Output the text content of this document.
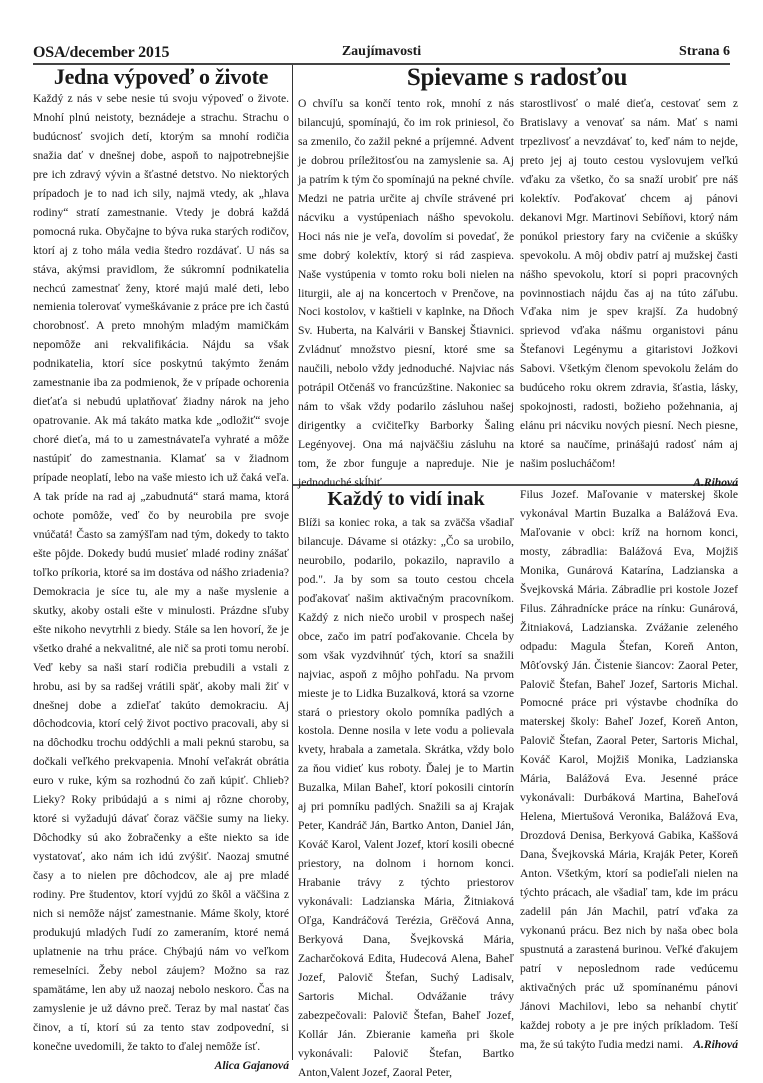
OSA/december 2015	Zaujímavosti	Strana 6
Jedna výpoveď o živote

Každý z nás v sebe nesie tú svoju výpoveď o živote. Mnohí plnú neistoty, beznádeje a strachu. Strachu o budúcnosť svojich detí, ktorým sa mnohí rodičia snažia dať v dnešnej dobe, aspoň to najpotrebnejšie pre ich zdravý vývin a šťastné detstvo. No niektorých prípadoch je to nad ich sily, najmä vtedy, ak „hlava rodiny“ stratí zamestnanie. Vtedy je dobrá každá pomocná ruka. Obyčajne to býva ruka starých rodičov, ktorí aj z toho mála vedia štedro rozdávať. U nás sa stáva, akýmsi pravidlom, že súkromní podnikatelia nechcú zamestnať ženy, ktoré majú malé deti, lebo nemienia tolerovať vymeškávanie z práce pre ich častú chorobnosť. A preto mnohým mladým mamičkám nepomôže ani rekvalifikácia. Nájdu sa však podnikatelia, ktorí síce poskytnú takýmto ženám zamestnanie iba za podmienok, že v prípade ochorenia dieťaťa si nebudú uplatňovať žiadny nárok na jeho opatrovanie. Ak má takáto matka kde „odložiť“ svoje choré dieťa, má to u zamestnávateľa vyhraté a môže nastúpiť do zamestnania. Klamať sa v žiadnom prípade neoplatí, lebo na vaše miesto ich už čaká veľa. A tak príde na rad aj „zabudnutá“ stará mama, ktorá ochote pomôže, veď čo by neurobila pre svoje vnúčatá! Často sa zamýšľam nad tým, dokedy to takto ešte pôjde. Dokedy budú musieť mladé rodiny znášať toľko príkoria, ktoré sa im dostáva od nášho zriadenia? Demokracia je síce tu, ale my a naše myslenie a skutky, akoby ostali ešte v minulosti. Prázdne sľuby ešte nikoho nevytrhli z biedy. Stále sa len hovorí, že je všetko drahé a nekvalitné, ale nič sa proti tomu nerobí. Veď keby sa naši starí rodičia prebudili a vstali z hrobu, asi by sa radšej vrátili späť, akoby mali žiť v dnešnej dobe a zdieľať takúto demokraciu. Aj dôchodcovia, ktorí celý život poctivo pracovali, aby si na dôchodku trochu oddýchli a mali peknú starobu, sa dočkali veľkého prekvapenia. Mnohí veľakrát obrátia euro v ruke, kým sa rozhodnú čo zaň kúpiť. Chlieb? Lieky? Roky pribúdajú a s nimi aj rôzne choroby, ktoré si vyžadujú dávať čoraz väčšie sumy na lieky. Dôchodky sú ako žobračenky a ešte niekto sa ide vystatovať, ako nám ich idú zvýšiť. Naozaj smutné časy a to nielen pre dôchodcov, ale aj pre mladé rodiny. Pre študentov, ktorí vyjdú zo škôl a väčšina z nich si nemôže nájsť zamestnanie. Máme školy, ktoré produkujú mladých ľudí zo zameraním, ktoré nemá uplatnenie na trhu práce. Chýbajú nám vo veľkom remeselníci. Žeby nebol záujem? Možno sa raz spamätáme, len aby už naozaj nebolo neskoro. Čas na zamyslenie je už dávno preč. Teraz by mal nastať čas činov, a tí, ktorí sú za tento stav zodpovední, si konečne uvedomili, že takto to ďalej nemôže ísť.
Alica Gajanová

Spievame s radosťou

O chvíľu sa končí tento rok, mnohí z nás bilancujú, spomínajú, čo im rok priniesol, čo sa zmenilo, čo zažil pekné a príjemné. Advent je dobrou príležitosťou na zamyslenie sa. Aj ja patrím k tým čo spomínajú na pekné chvíle. Medzi ne patria určite aj chvíle strávené pri nácviku a vystúpeniach nášho spevokolu. Hoci nás nie je veľa, dovolím si povedať, že sme dobrý kolektív, ktorý si rád zaspieva. Naše vystúpenia v tomto roku boli nielen na liturgii, ale aj na koncertoch v Prenčove, na Noci kostolov, v kaštieli v kaplnke, na Dňoch Sv. Huberta, na Kalvárii v Banskej Štiavnici. Zvládnuť množstvo piesní, ktoré sme sa naučili, nebolo vždy jednoduché. Najviac nás potrápil Otčenáš vo francúzštine. Nakoniec sa nám to však vždy podarilo zásluhou našej dirigentky a cvičiteľky Barborky Šaling Legényovej. Ona má najväčšiu zásluhu na tom, že zbor funguje a napreduje. Nie je jednoduché skĺbiť

starostlivosť o malé dieťa, cestovať sem z Bratislavy a venovať sa nám. Mať s nami trpezlivosť a nevzdávať to, keď nám to nejde, preto jej aj touto cestou vyslovujem veľkú vďaku za všetko, čo sa snaží urobiť pre náš kolektív. Poďakovať chcem aj pánovi dekanovi Mgr. Martinovi Sebíňovi, ktorý nám ponúkol priestory fary na cvičenie a skúšky spevokolu. A môj obdiv patrí aj mužskej časti nášho spevokolu, ktorí si popri pracovných povinnostiach nájdu čas aj na túto záľubu. Vďaka nim je spev krajší. Za hudobný sprievod vďaka nášmu organistovi pánu Štefanovi Legénymu a gitaristovi Jožkovi Sabovi. Všetkým členom spevokolu želám do budúceho roku okrem zdravia, šťastia, lásky, spokojnosti, radosti, božieho požehnania, aj elánu pri nácviku nových piesní. Nech piesne, ktoré sa naučíme, prinášajú radosť nám aj našim poslucháčom!

A.Rihová
Každý to vidí inak

Blíži sa koniec roka, a tak sa zväčša všadiaľ bilancuje. Dávame si otázky: „Čo sa urobilo, neurobilo, podarilo, pokazilo, napravilo a pod.". Ja by som sa touto cestou chcela poďakovať našim aktivačným pracovníkom. Každý z nich niečo urobil v prospech našej obce, začo im patrí poďakovanie. Chcela by som však vyzdvihnúť tých, ktorí sa snažili najviac, aspoň z môjho pohľadu. Na prvom mieste je to Lidka Buzalková, ktorá sa vzorne stará o priestory okolo pomníka padlých a kostola. Denne nosila v lete vodu a polievala kvety, hrabala a zametala. Skrátka, vždy bolo za ňou vidieť kus roboty. Ďalej je to Martin Buzalka, Milan Baheľ, ktorí pokosili cintorín aj pri pomníku padlých. Snažili sa aj Krajak Peter, Kandráč Ján, Bartko Anton, Daniel Ján, Kováč Karol, Valent Jozef, ktorí kosili obecné priestory, na dolnom i hornom konci. Hrabanie trávy z týchto priestorov vykonávali: Ladzianska Mária, Žitniaková Oľga, Kandráčová Terézia, Grëčová Anna, Berkyová Dana, Švejkovská Mária, Zacharčoková Edita, Hudecová Alena, Baheľ Jozef, Palovič Štefan, Suchý Ladisalv, Sartoris Michal. Odvážanie trávy zabezpečovali: Palovič Štefan, Baheľ Jozef, Kollár Ján. Zbieranie kameňa pri škole vykonávali: Palovič Štefan, Bartko Anton,Valent Jozef, Zaoral Peter,

Filus Jozef. Maľovanie v materskej škole vykonával Martin Buzalka a Balážová Eva. Maľovanie v obci: kríž na hornom konci, mosty, zábradlia: Balážová Eva, Mojžiš Monika, Gunárová Katarína, Ladzianska a Švejkovská Mária. Zábradlie pri kostole Jozef Filus. Záhradnícke práce na rínku: Gunárová, Žitniaková, Ladzianska. Zvážanie zeleného odpadu: Magula Štefan, Koreň Anton, Môťovský Ján. Čistenie šiancov: Zaoral Peter, Palovič Štefan, Baheľ Jozef, Sartoris Michal. Pomocné práce pri výstavbe chodníka do materskej školy: Baheľ Jozef, Koreň Anton, Palovič Štefan, Zaoral Peter, Sartoris Michal, Kováč Karol, Mojžiš Monika, Ladzianska Mária, Balážová Eva. Jesenné práce vykonávali: Durbáková Martina, Baheľová Helena, Miertušová Veronika, Balážová Eva, Drozdová Denisa, Berkyová Gabika, Kaššová Dana, Švejkovská Mária, Kraják Peter, Koreň Anton. Všetkým, ktorí sa podieľali nielen na týchto prácach, ale všadiaľ tam, kde im prácu zadelil pán Ján Machil, patrí vďaka za vykonanú prácu. Bez nich by naša obec bola spustnutá a zarastená burinou. Veľké ďakujem patrí v neposlednom rade vedúcemu aktivačných prác už spomínanému pánovi Jánovi Machilovi, lebo sa nehanbí chytiť každej roboty a je pre iných príkladom. Teší ma, že sú takýto ľudia medzi nami. A.Rihová
